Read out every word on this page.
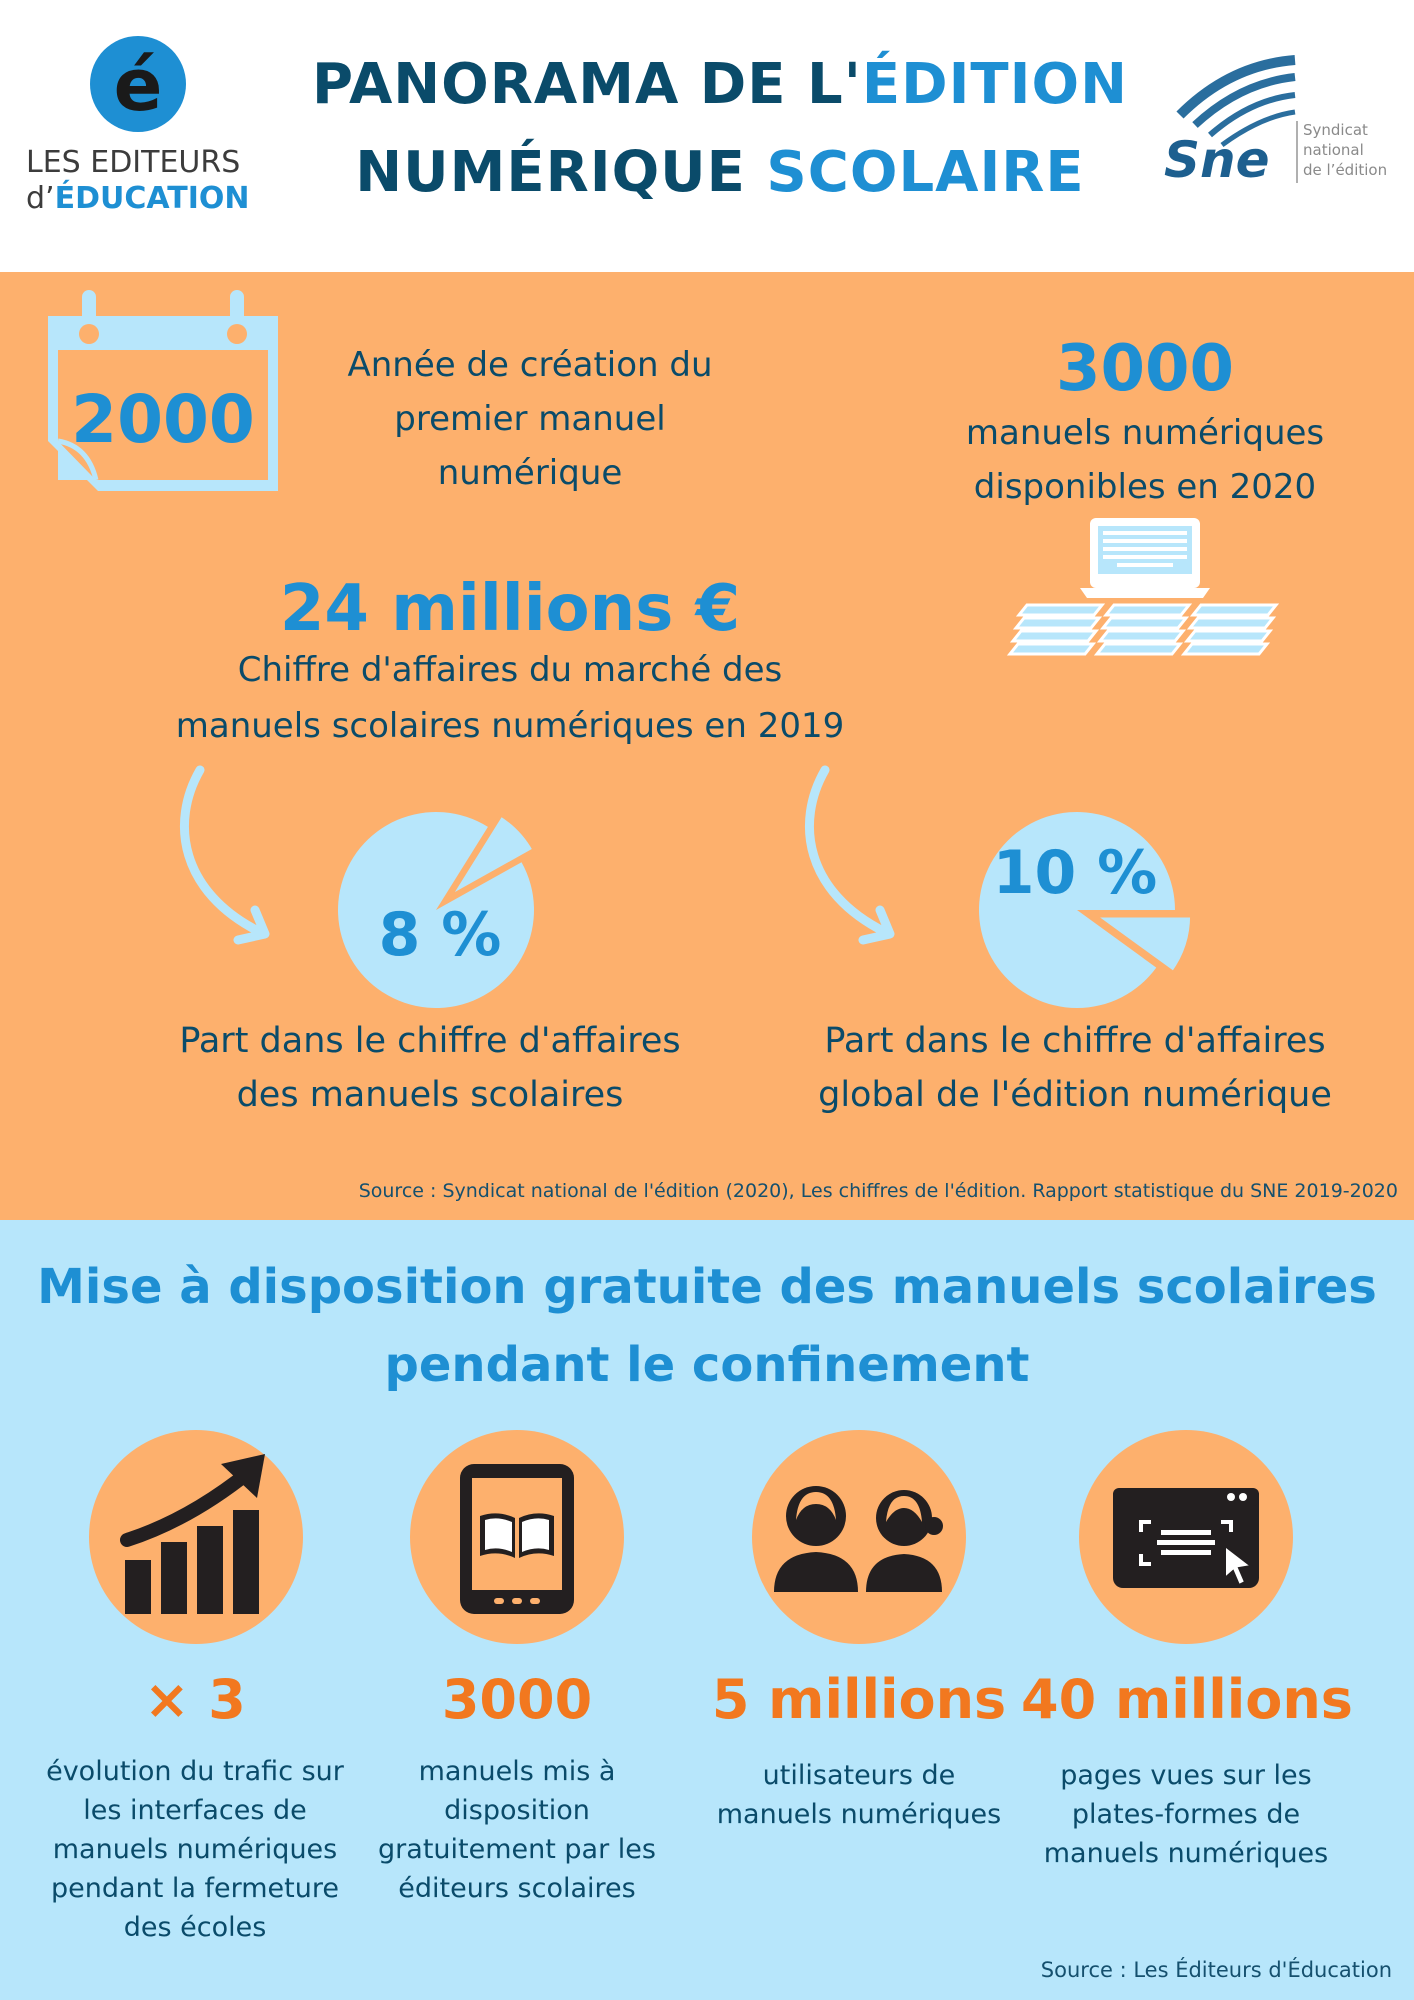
é
LES EDITEURS
d’ÉDUCATION
PANORAMA DE L'ÉDITION
NUMÉRIQUE SCOLAIRE	Sne
Syndicat
national
de l’édition
2000
Année de création du
premier manuel
numérique
3000
manuels numériques
disponibles en 2020
24 millions €
Chiffre d'affaires du marché des
manuels scolaires numériques en 2019
8 %
10 %
Part dans le chiffre d'affaires
des manuels scolaires
Part dans le chiffre d'affaires
global de l'édition numérique
Source : Syndicat national de l'édition (2020), Les chiffres de l'édition. Rapport statistique du SNE 2019-2020
Mise à disposition gratuite des manuels scolaires
pendant le confinement
× 3
évolution du trafic sur
les interfaces de
manuels numériques
pendant la fermeture
des écoles
3000
manuels mis à
disposition
gratuitement par les
éditeurs scolaires
5 millions
utilisateurs de
manuels numériques
40 millions
pages vues sur les
plates-formes de
manuels numériques
Source : Les Éditeurs d'Éducation
